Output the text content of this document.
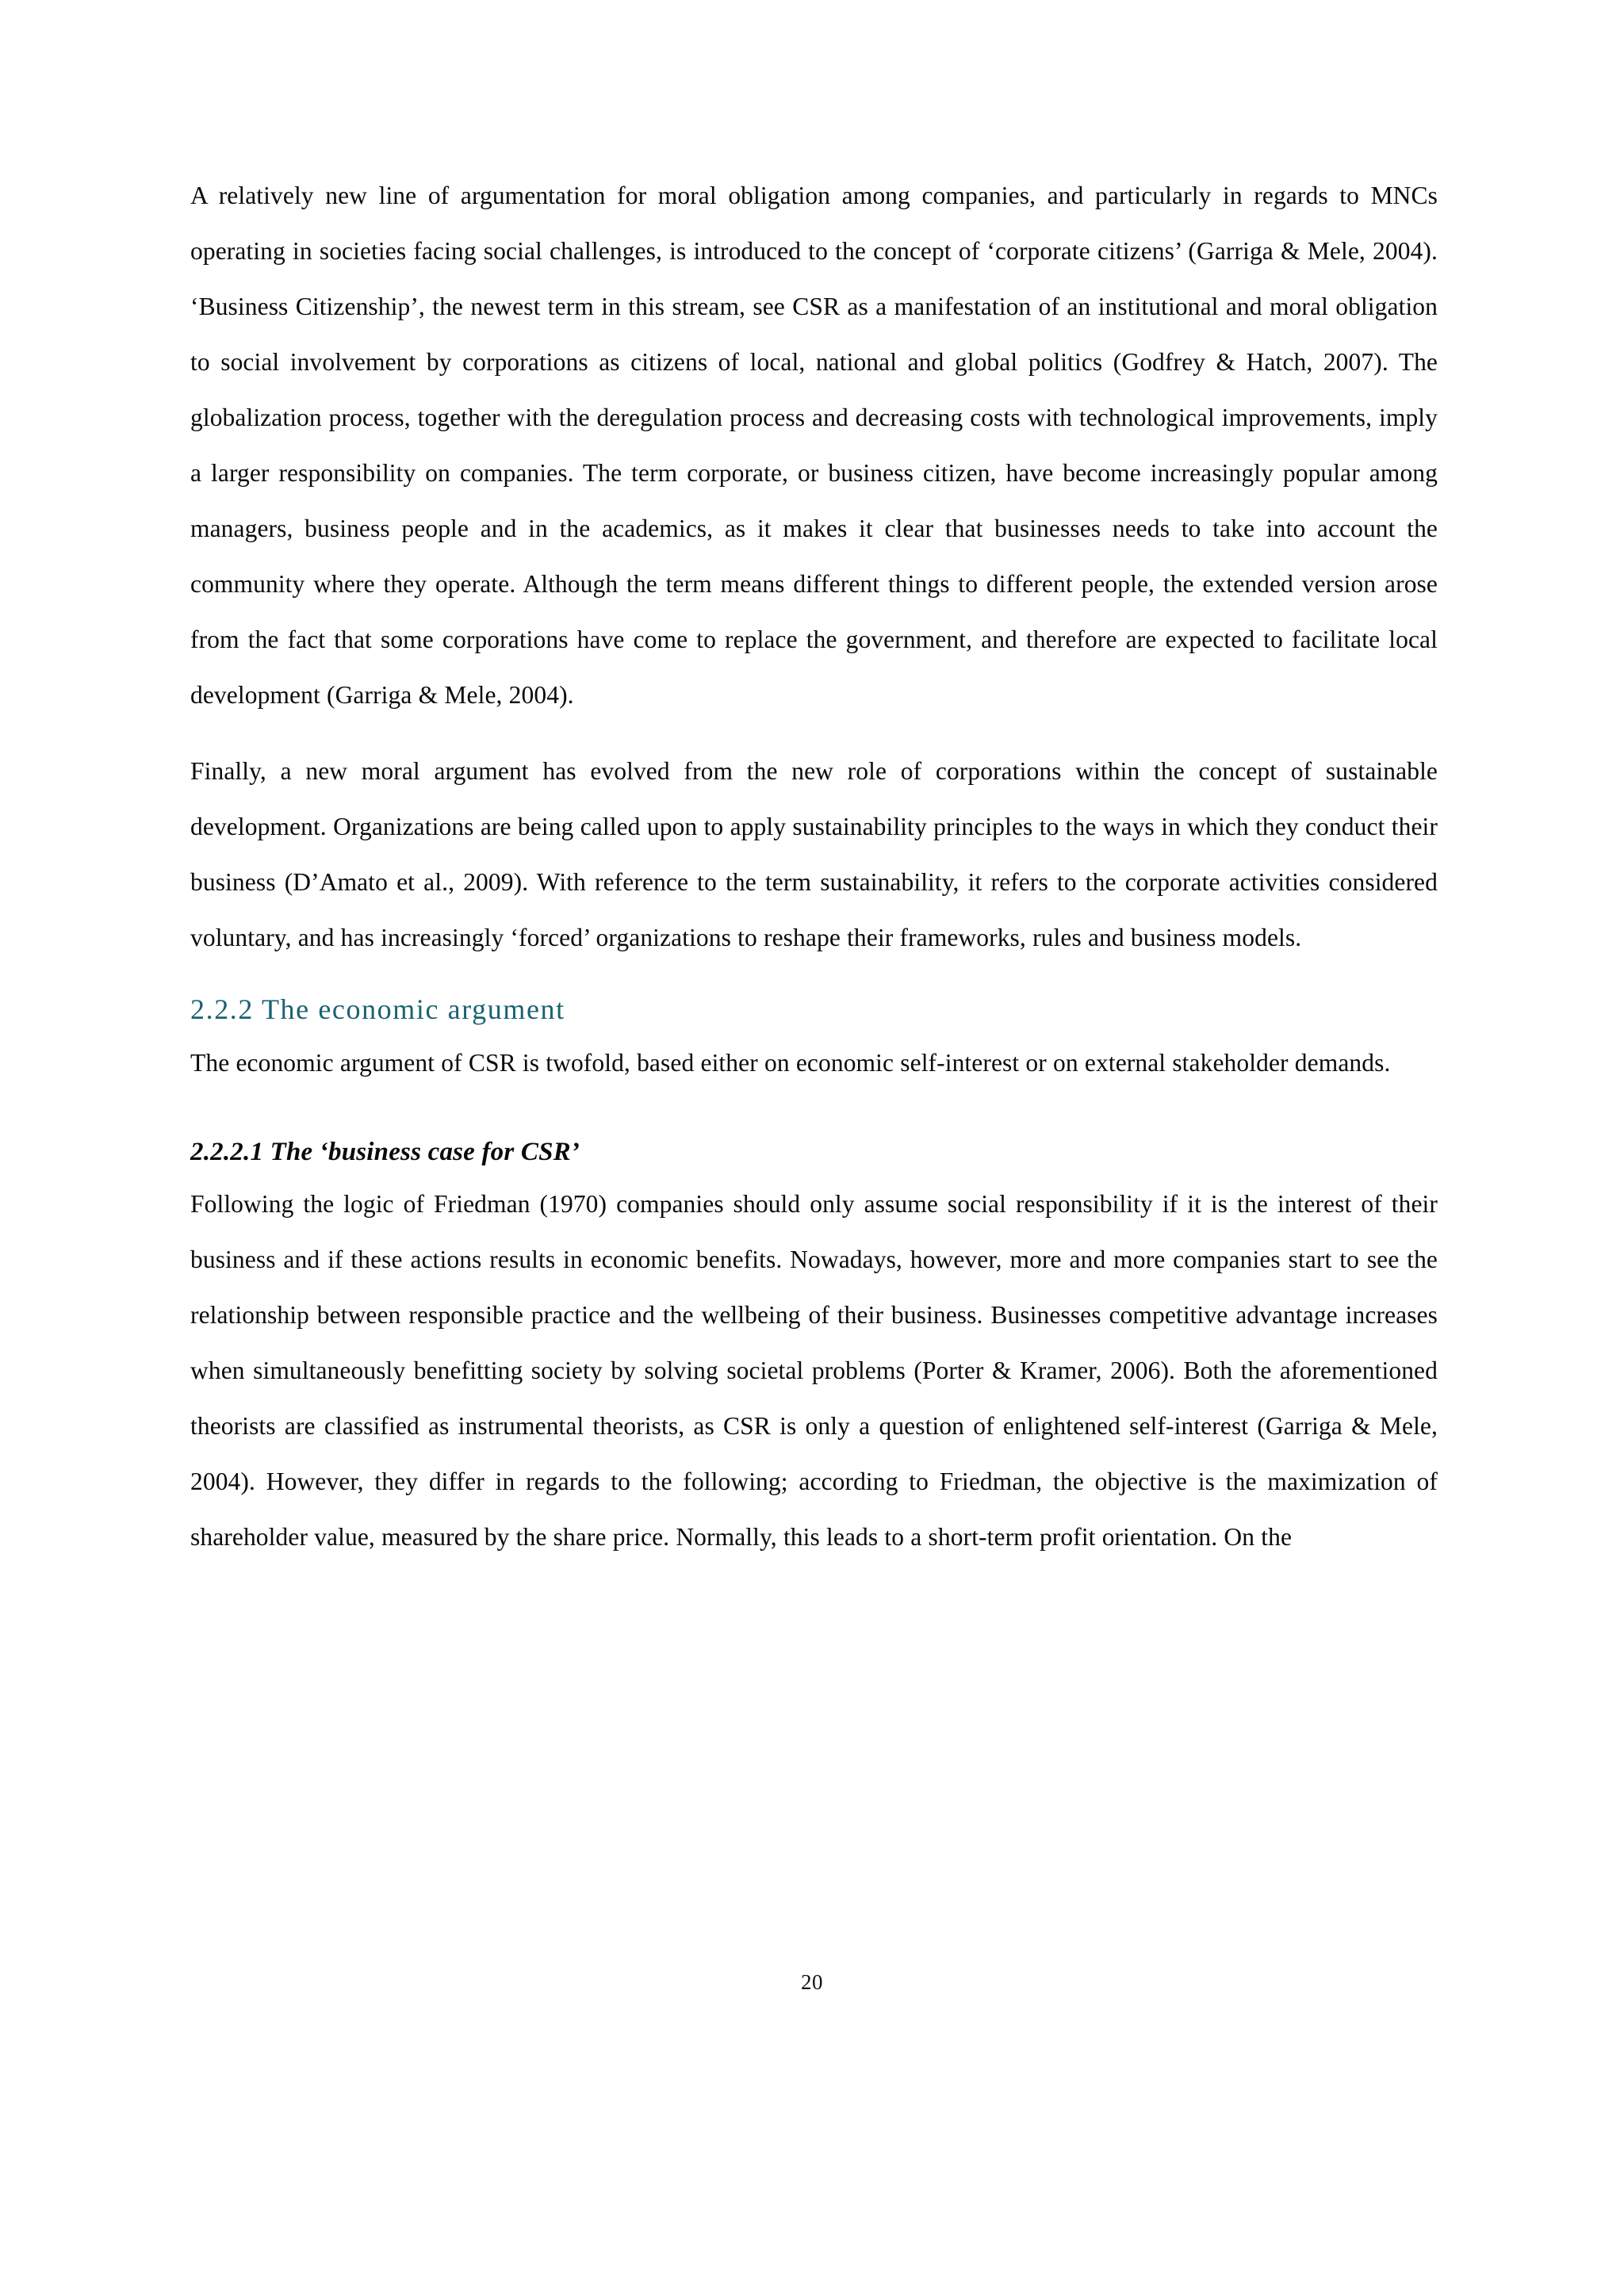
A relatively new line of argumentation for moral obligation among companies, and particularly in regards to MNCs operating in societies facing social challenges, is introduced to the concept of ‘corporate citizens’ (Garriga & Mele, 2004). ‘Business Citizenship’, the newest term in this stream, see CSR as a manifestation of an institutional and moral obligation to social involvement by corporations as citizens of local, national and global politics (Godfrey & Hatch, 2007). The globalization process, together with the deregulation process and decreasing costs with technological improvements, imply a larger responsibility on companies. The term corporate, or business citizen, have become increasingly popular among managers, business people and in the academics, as it makes it clear that businesses needs to take into account the community where they operate. Although the term means different things to different people, the extended version arose from the fact that some corporations have come to replace the government, and therefore are expected to facilitate local development (Garriga & Mele, 2004).

Finally, a new moral argument has evolved from the new role of corporations within the concept of sustainable development. Organizations are being called upon to apply sustainability principles to the ways in which they conduct their business (D’Amato et al., 2009). With reference to the term sustainability, it refers to the corporate activities considered voluntary, and has increasingly ‘forced’ organizations to reshape their frameworks, rules and business models.

2.2.2 The economic argument

The economic argument of CSR is twofold, based either on economic self-interest or on external stakeholder demands.

2.2.2.1 The ‘business case for CSR’

Following the logic of Friedman (1970) companies should only assume social responsibility if it is the interest of their business and if these actions results in economic benefits. Nowadays, however, more and more companies start to see the relationship between responsible practice and the wellbeing of their business. Businesses competitive advantage increases when simultaneously benefitting society by solving societal problems (Porter & Kramer, 2006). Both the aforementioned theorists are classified as instrumental theorists, as CSR is only a question of enlightened self-interest (Garriga & Mele, 2004). However, they differ in regards to the following; according to Friedman, the objective is the maximization of shareholder value, measured by the share price. Normally, this leads to a short-term profit orientation. On the

20
